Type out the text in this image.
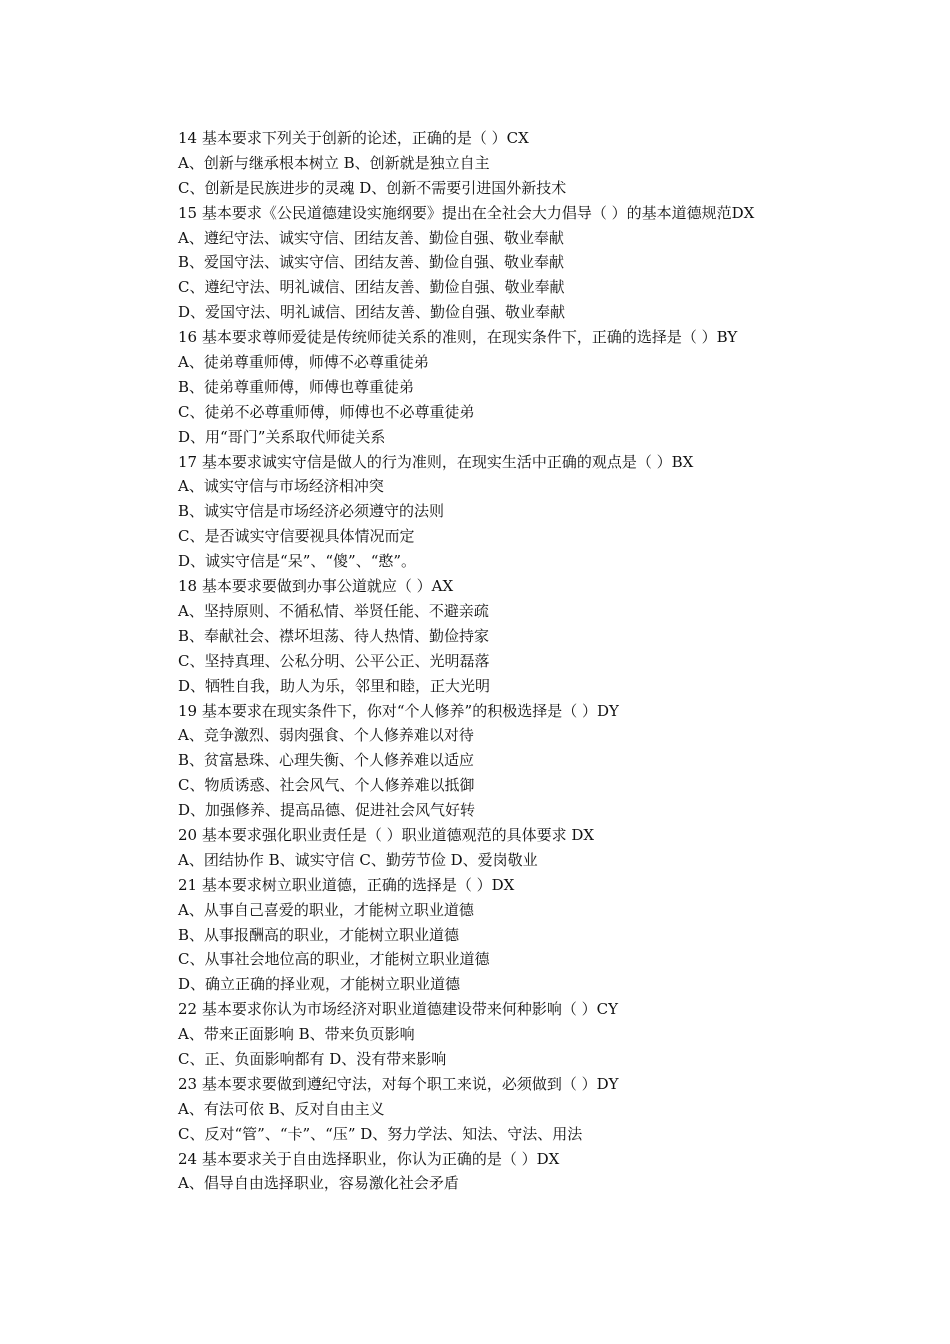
14 基本要求下列关于创新的论述，正确的是（ ）CX
A、创新与继承根本树立 B、创新就是独立自主
C、创新是民族进步的灵魂 D、创新不需要引进国外新技术
15 基本要求《公民道德建设实施纲要》提出在全社会大力倡导（ ）的基本道德规范DX
A、遵纪守法、诚实守信、团结友善、勤俭自强、敬业奉献
B、爱国守法、诚实守信、团结友善、勤俭自强、敬业奉献
C、遵纪守法、明礼诚信、团结友善、勤俭自强、敬业奉献
D、爱国守法、明礼诚信、团结友善、勤俭自强、敬业奉献
16 基本要求尊师爱徒是传统师徒关系的准则，在现实条件下，正确的选择是（ ）BY
A、徒弟尊重师傅，师傅不必尊重徒弟
B、徒弟尊重师傅，师傅也尊重徒弟
C、徒弟不必尊重师傅，师傅也不必尊重徒弟
D、用“哥门”关系取代师徒关系
17 基本要求诚实守信是做人的行为准则，在现实生活中正确的观点是（ ）BX
A、诚实守信与市场经济相冲突
B、诚实守信是市场经济必须遵守的法则
C、是否诚实守信要视具体情况而定
D、诚实守信是“呆”、“傻”、“憨”。
18 基本要求要做到办事公道就应（ ）AX
A、坚持原则、不循私情、举贤任能、不避亲疏
B、奉献社会、襟坏坦荡、待人热情、勤俭持家
C、坚持真理、公私分明、公平公正、光明磊落
D、牺牲自我，助人为乐，邻里和睦，正大光明
19 基本要求在现实条件下，你对“个人修养”的积极选择是（ ）DY
A、竞争激烈、弱肉强食、个人修养难以对待
B、贫富悬珠、心理失衡、个人修养难以适应
C、物质诱惑、社会风气、个人修养难以抵御
D、加强修养、提高品德、促进社会风气好转
20 基本要求强化职业责任是（ ）职业道德观范的具体要求 DX
A、团结协作 B、诚实守信 C、勤劳节俭 D、爱岗敬业
21 基本要求树立职业道德，正确的选择是（ ）DX
A、从事自己喜爱的职业，才能树立职业道德
B、从事报酬高的职业，才能树立职业道德
C、从事社会地位高的职业，才能树立职业道德
D、确立正确的择业观，才能树立职业道德
22 基本要求你认为市场经济对职业道德建设带来何种影响（ ）CY
A、带来正面影响 B、带来负页影响
C、正、负面影响都有 D、没有带来影响
23 基本要求要做到遵纪守法，对每个职工来说，必须做到（ ）DY
A、有法可依 B、反对自由主义
C、反对“管”、“卡”、“压” D、努力学法、知法、守法、用法
24 基本要求关于自由选择职业，你认为正确的是（ ）DX
A、倡导自由选择职业，容易激化社会矛盾
